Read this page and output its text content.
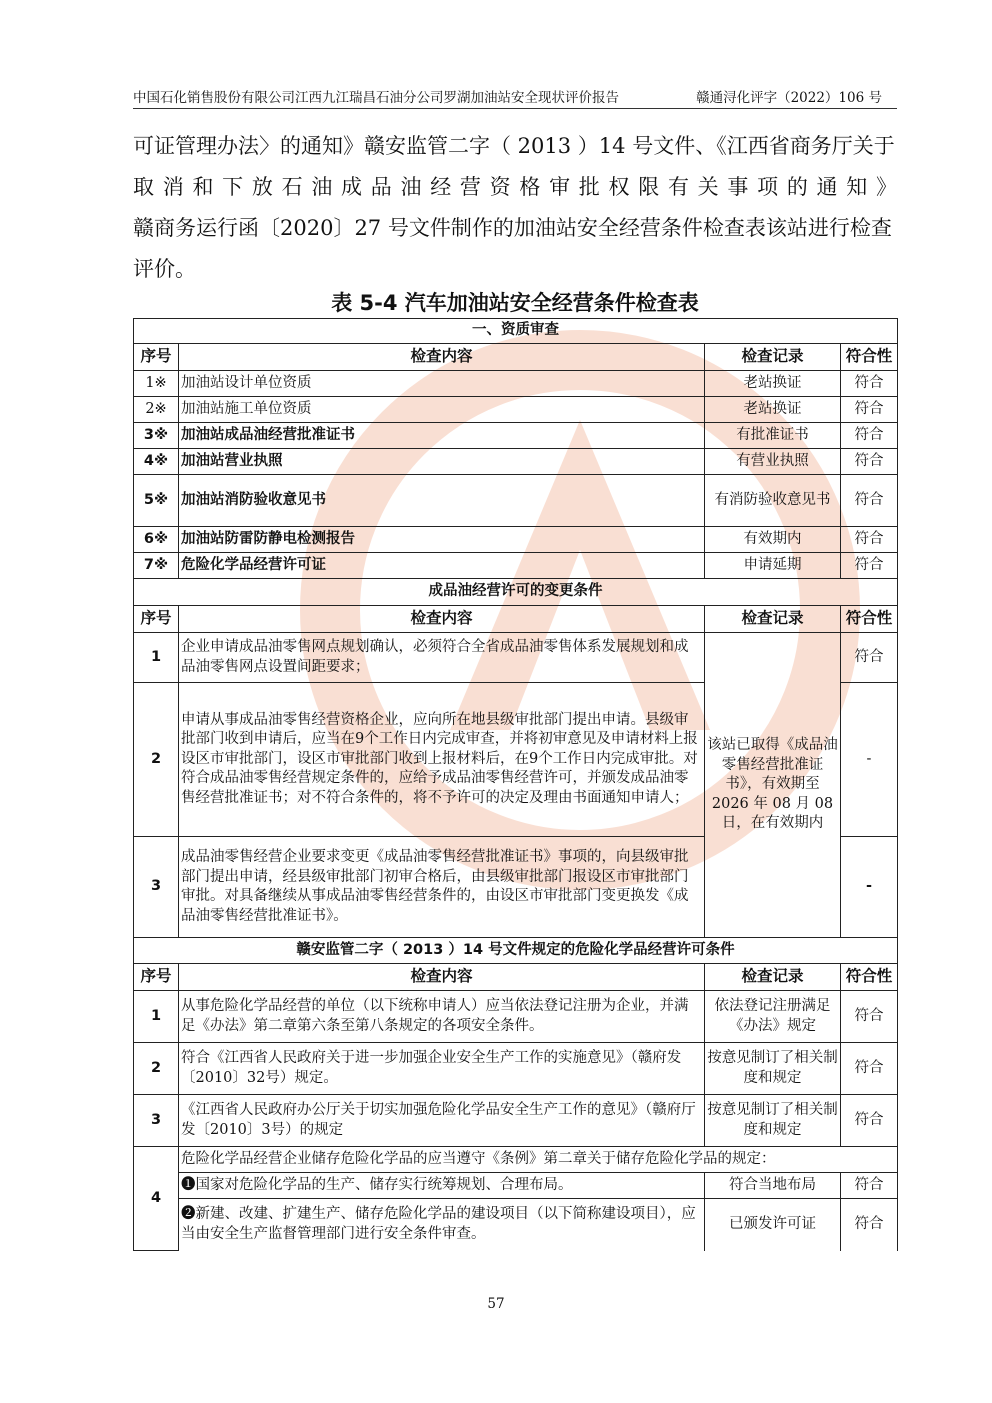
中国石化销售股份有限公司江西九江瑞昌石油分公司罗湖加油站安全现状评价报告	赣通浔化评字（2022）106 号
可证管理办法〉的通知》赣安监管二字（ 2013 ）14 号文件、《江西省商务厅关于
取 消 和 下 放 石 油 成 品 油 经 营 资 格 审 批 权 限 有 关 事 项 的 通 知 》
赣商务运行函〔2020〕27 号文件制作的加油站安全经营条件检查表该站进行检查
评价。
表 5-4 汽车加油站安全经营条件检查表
一、资质审查			
序号	检查内容	检查记录	符合性
1※	加油站设计单位资质	老站换证	符合
2※	加油站施工单位资质	老站换证	符合
3※	加油站成品油经营批准证书	有批准证书	符合
4※	加油站营业执照	有营业执照	符合
5※	加油站消防验收意见书	有消防验收意见书	符合
6※	加油站防雷防静电检测报告	有效期内	符合
7※	危险化学品经营许可证	申请延期	符合
成品油经营许可的变更条件			
序号	检查内容	检查记录	符合性
1	企业申请成品油零售网点规划确认，必须符合全省成品油零售体系发展规划和成品油零售网点设置间距要求；	该站已取得《成品油零售经营批准证书》，有效期至 2026 年 08 月 08 日，在有效期内	符合
2	申请从事成品油零售经营资格企业，应向所在地县级审批部门提出申请。县级审批部门收到申请后，应当在9个工作日内完成审查，并将初审意见及申请材料上报设区市审批部门，设区市审批部门收到上报材料后，在9个工作日内完成审批。对符合成品油零售经营规定条件的，应给予成品油零售经营许可，并颁发成品油零售经营批准证书；对不符合条件的，将不予许可的决定及理由书面通知申请人；		-
3	成品油零售经营企业要求变更《成品油零售经营批准证书》事项的，向县级审批部门提出申请，经县级审批部门初审合格后，由县级审批部门报设区市审批部门审批。对具备继续从事成品油零售经营条件的，由设区市审批部门变更换发《成品油零售经营批准证书》。		-
赣安监管二字（ 2013 ）14 号文件规定的危险化学品经营许可条件			
序号	检查内容	检查记录	符合性
1	从事危险化学品经营的单位（以下统称申请人）应当依法登记注册为企业，并满足《办法》第二章第六条至第八条规定的各项安全条件。	依法登记注册满足《办法》规定	符合
2	符合《江西省人民政府关于进一步加强企业安全生产工作的实施意见》（赣府发〔2010〕32号）规定。	按意见制订了相关制度和规定	符合
3	《江西省人民政府办公厅关于切实加强危险化学品安全生产工作的意见》（赣府厅发〔2010〕3号）的规定	按意见制订了相关制度和规定	符合
4	危险化学品经营企业储存危险化学品的应当遵守《条例》第二章关于储存危险化学品的规定：		
	❶国家对危险化学品的生产、储存实行统筹规划、合理布局。	符合当地布局	符合
	❷新建、改建、扩建生产、储存危险化学品的建设项目（以下简称建设项目），应当由安全生产监督管理部门进行安全条件审查。	已颁发许可证	符合
57
